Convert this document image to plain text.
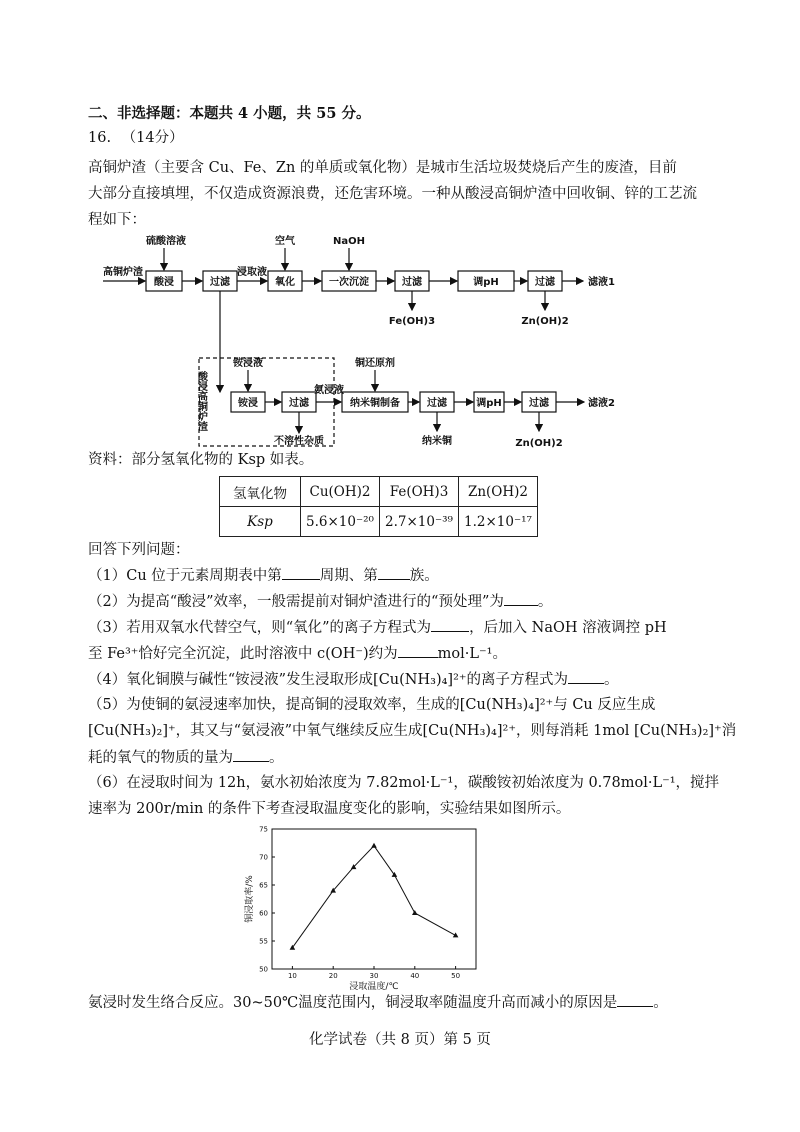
二、非选择题：本题共 4 小题，共 55 分。
16. （14分）
高铜炉渣（主要含 Cu、Fe、Zn 的单质或氧化物）是城市生活垃圾焚烧后产生的废渣，目前
大部分直接填埋，不仅造成资源浪费，还危害环境。一种从酸浸高铜炉渣中回收铜、锌的工艺流
程如下：
高铜炉渣
硫酸溶液
酸浸	过滤
浸取液
空气
氧化
NaOH
一次沉淀	过滤
Fe(OH)3
调pH	过滤
Zn(OH)2
滤液1
酸浸高铜炉渣
铵浸液
铵浸	过滤
不溶性杂质
氨浸液
铜还原剂
纳米铜制备	过滤
纳米铜
调pH	过滤
Zn(OH)2
滤液2
资料：部分氢氧化物的 Ksp 如表。
氢氧化物	Cu(OH)2	Fe(OH)3	Zn(OH)2
Ksp	5.6×10⁻²⁰	2.7×10⁻³⁹	1.2×10⁻¹⁷
回答下列问题：
（1）Cu 位于元素周期表中第	周期、第 族。
（2）为提高“酸浸”效率，一般需提前对铜炉渣进行的“预处理”为 。
（3）若用双氧水代替空气，则“氧化”的离子方程式为	，后加入 NaOH 溶液调控 pH
至 Fe³⁺恰好完全沉淀，此时溶液中 c(OH⁻)约为	mol·L⁻¹。
（4）氧化铜膜与碱性“铵浸液”发生浸取形成[Cu(NH₃)₄]²⁺的离子方程式为 。
（5）为使铜的氨浸速率加快，提高铜的浸取效率，生成的[Cu(NH₃)₄]²⁺与 Cu 反应生成
[Cu(NH₃)₂]⁺，其又与“氨浸液”中氧气继续反应生成[Cu(NH₃)₄]²⁺，则每消耗 1mol [Cu(NH₃)₂]⁺消
耗的氧气的物质的量为 。
（6）在浸取时间为 12h，氨水初始浓度为 7.82mol·L⁻¹，碳酸铵初始浓度为 0.78mol·L⁻¹，搅拌
速率为 200r/min 的条件下考查浸取温度变化的影响，实验结果如图所示。
10	20	30	40	50
50
55
60
65
70
75
浸取温度/℃
铜浸取率/%
氨浸时发生络合反应。30~50℃温度范围内，铜浸取率随温度升高而减小的原因是 。
化学试卷（共 8 页）第 5 页
